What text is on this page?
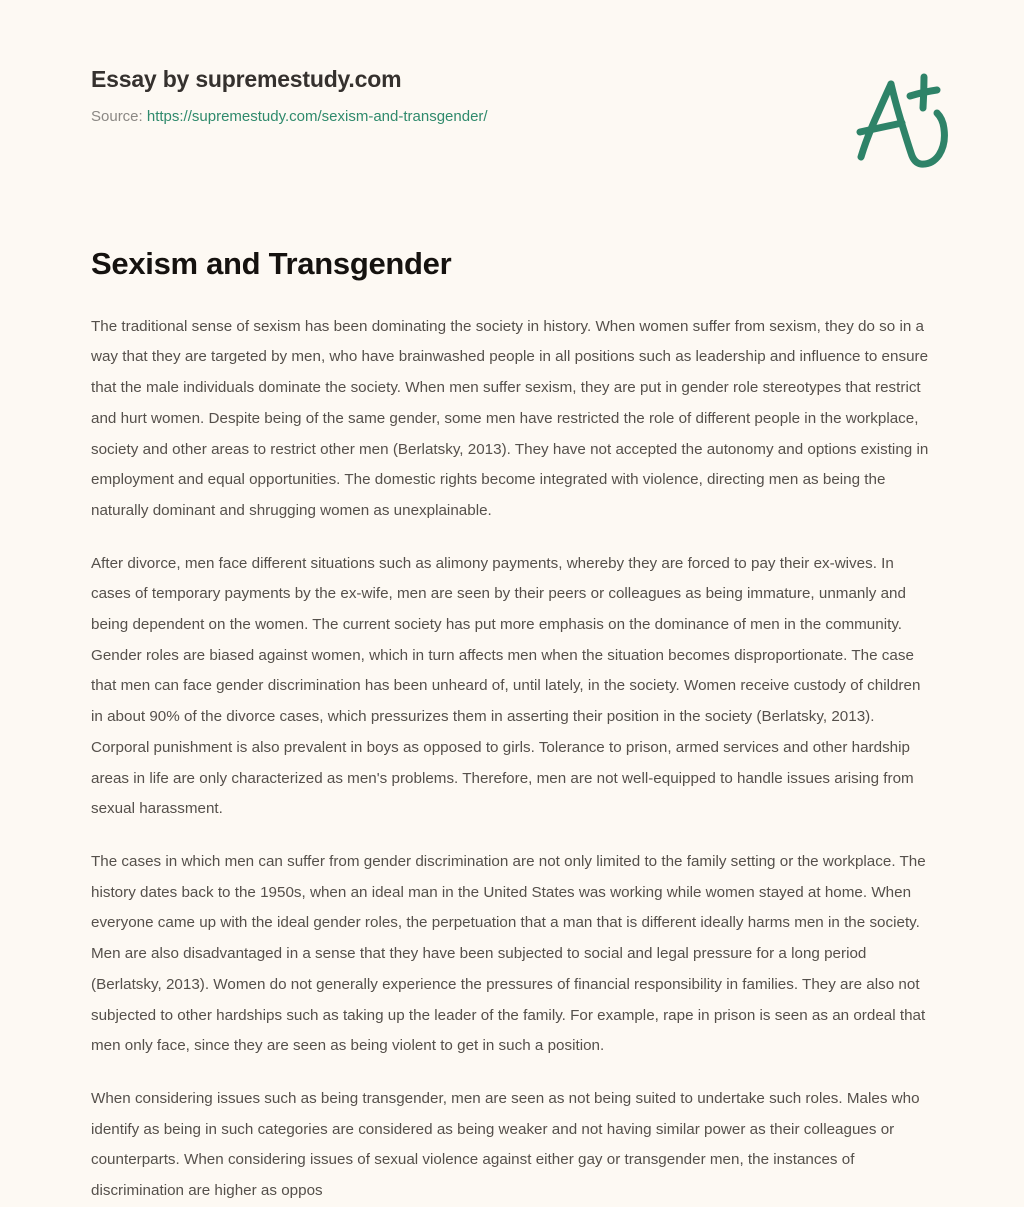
Essay by supremestudy.com
Source: https://supremestudy.com/sexism-and-transgender/
Sexism and Transgender

The traditional sense of sexism has been dominating the society in history. When women suffer from sexism, they do so in a way that they are targeted by men, who have brainwashed people in all positions such as leadership and influence to ensure that the male individuals dominate the society. When men suffer sexism, they are put in gender role stereotypes that restrict and hurt women. Despite being of the same gender, some men have restricted the role of different people in the workplace, society and other areas to restrict other men (Berlatsky, 2013). They have not accepted the autonomy and options existing in employment and equal opportunities. The domestic rights become integrated with violence, directing men as being the naturally dominant and shrugging women as unexplainable.

After divorce, men face different situations such as alimony payments, whereby they are forced to pay their ex-wives. In cases of temporary payments by the ex-wife, men are seen by their peers or colleagues as being immature, unmanly and being dependent on the women. The current society has put more emphasis on the dominance of men in the community. Gender roles are biased against women, which in turn affects men when the situation becomes disproportionate. The case that men can face gender discrimination has been unheard of, until lately, in the society. Women receive custody of children in about 90% of the divorce cases, which pressurizes them in asserting their position in the society (Berlatsky, 2013). Corporal punishment is also prevalent in boys as opposed to girls. Tolerance to prison, armed services and other hardship areas in life are only characterized as men's problems. Therefore, men are not well-equipped to handle issues arising from sexual harassment.

The cases in which men can suffer from gender discrimination are not only limited to the family setting or the workplace. The history dates back to the 1950s, when an ideal man in the United States was working while women stayed at home. When everyone came up with the ideal gender roles, the perpetuation that a man that is different ideally harms men in the society. Men are also disadvantaged in a sense that they have been subjected to social and legal pressure for a long period (Berlatsky, 2013). Women do not generally experience the pressures of financial responsibility in families. They are also not subjected to other hardships such as taking up the leader of the family. For example, rape in prison is seen as an ordeal that men only face, since they are seen as being violent to get in such a position.

When considering issues such as being transgender, men are seen as not being suited to undertake such roles. Males who identify as being in such categories are considered as being weaker and not having similar power as their colleagues or counterparts. When considering issues of sexual violence against either gay or transgender men, the instances of discrimination are higher as oppos
